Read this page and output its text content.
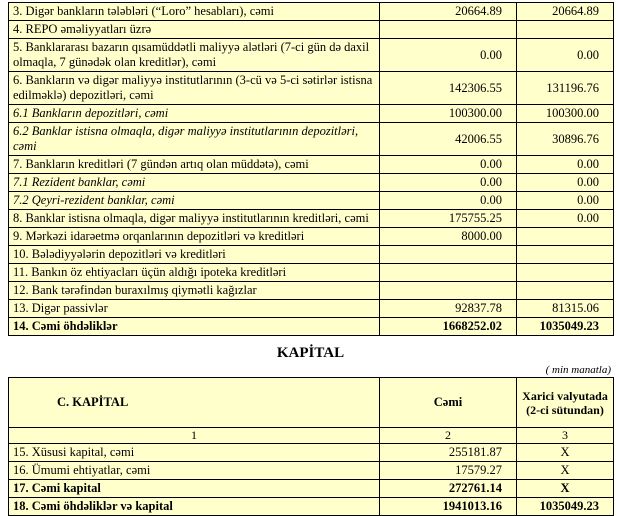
3. Digər bankların tələbləri (“Loro” hesabları), cəmi	20664.89	20664.89
4. REPO əməliyyatları üzrə		
5. Banklararası bazarın qısamüddətli maliyyə alətləri (7-ci gün də daxil olmaqla, 7 günədək olan kreditlər), cəmi	0.00	0.00
6. Bankların və digər maliyyə institutlarının (3-cü və 5-ci sətirlər istisna edilməklə) depozitləri, cəmi	142306.55	131196.76
6.1 Bankların depozitləri, cəmi	100300.00	100300.00
6.2 Banklar istisna olmaqla, digər maliyyə institutlarının depozitləri, cəmi	42006.55	30896.76
7. Bankların kreditləri (7 gündən artıq olan müddətə), cəmi	0.00	0.00
7.1 Rezident banklar, cəmi	0.00	0.00
7.2 Qeyri-rezident banklar, cəmi	0.00	0.00
8. Banklar istisna olmaqla, digər maliyyə institutlarının kreditləri, cəmi	175755.25	0.00
9. Mərkəzi idarəetmə orqanlarının depozitləri və kreditləri	8000.00	
10. Bələdiyyələrin depozitləri və kreditləri		
11. Bankın öz ehtiyacları üçün aldığı ipoteka kreditləri		
12. Bank tərəfindən buraxılmış qiymətli kağızlar		
13. Digər passivlər	92837.78	81315.06
14. Cəmi öhdəliklər	1668252.02	1035049.23
KAPİTAL
( min manatla)
C. KAPİTAL	Cəmi	Xarici valyutada (2-ci sütundan)
1	2	3
15. Xüsusi kapital, cəmi	255181.87	X
16. Ümumi ehtiyatlar, cəmi	17579.27	X
17. Cəmi kapital	272761.14	X
18. Cəmi öhdəliklər və kapital	1941013.16	1035049.23
